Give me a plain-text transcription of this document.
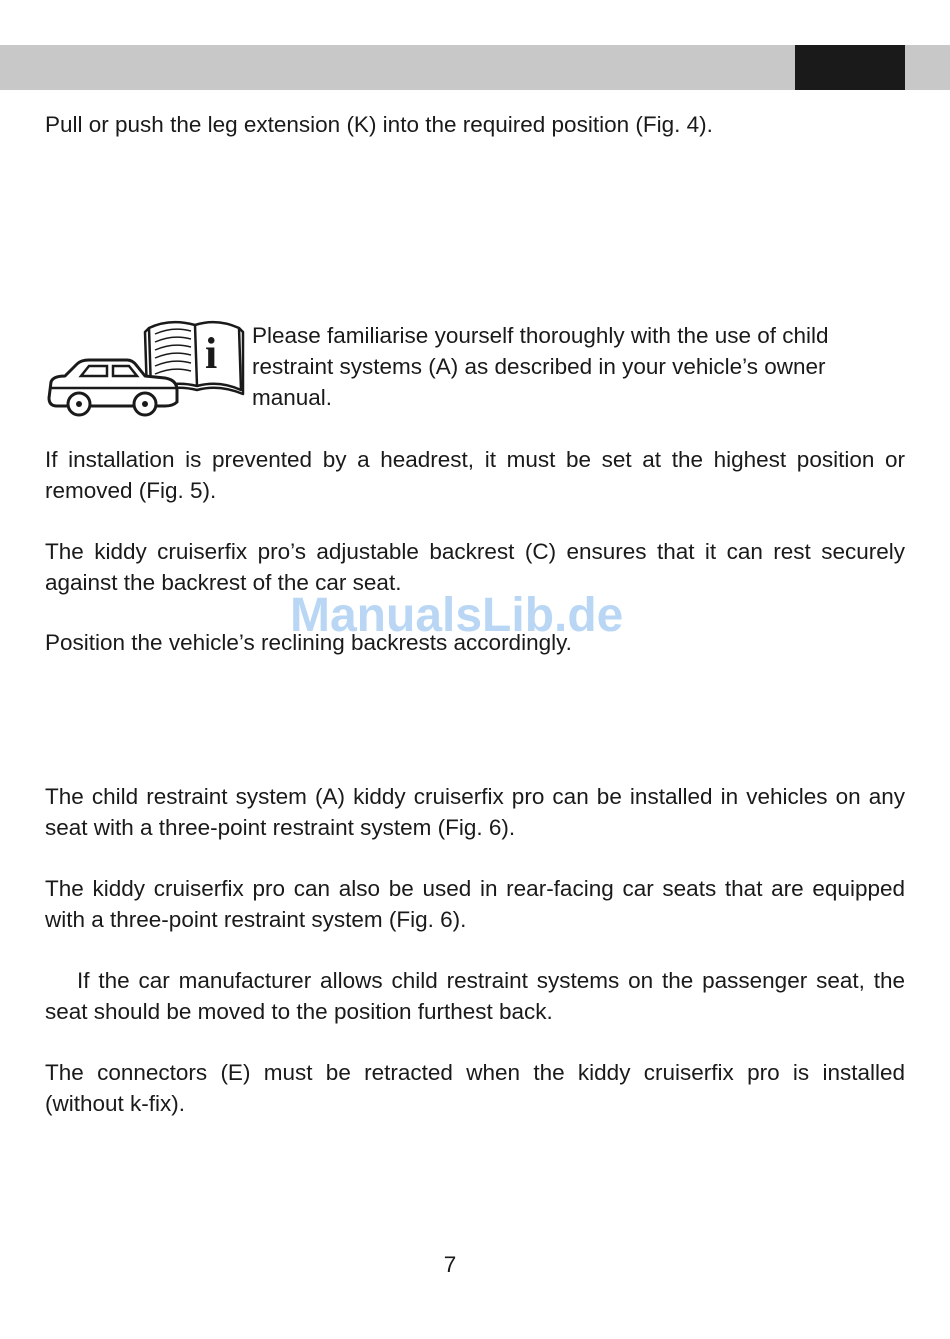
Pull or push the leg extension (K) into the required position (Fig. 4).

i Please familiarise yourself thoroughly with the use of child restraint systems (A) as described in your vehicle’s owner manual.

If installation is prevented by a headrest, it must be set at the highest position or removed (Fig. 5).

The kiddy cruiserfix pro’s adjustable backrest (C) ensures that it can rest securely against the backrest of the car seat.

ManualsLib.de

Position the vehicle’s reclining backrests accordingly.

The child restraint system (A) kiddy cruiserfix pro can be installed in vehicles on any seat with a three-point restraint system (Fig. 6).

The kiddy cruiserfix pro can also be used in rear-facing car seats that are equipped with a three-point restraint system (Fig. 6).

If the car manufacturer allows child restraint systems on the passenger seat, the seat should be moved to the position furthest back.

The connectors (E) must be retracted when the kiddy cruiserfix pro is installed (without k-fix).

7
